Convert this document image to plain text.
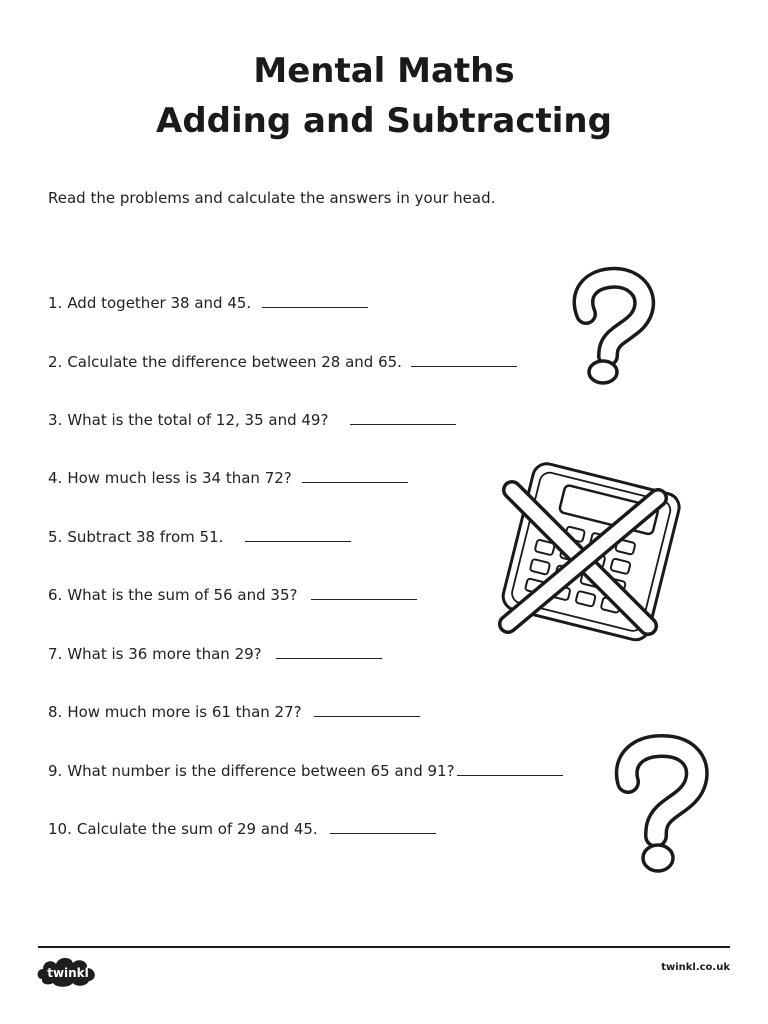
Mental Maths
Adding and Subtracting
Read the problems and calculate the answers in your head.
1. Add together 38 and 45.
2. Calculate the difference between 28 and 65.
3. What is the total of 12, 35 and 49?
4. How much less is 34 than 72?
5. Subtract 38 from 51.
6. What is the sum of 56 and 35?
7. What is 36 more than 29?
8. How much more is 61 than 27?
9. What number is the difference between 65 and 91?
10. Calculate the sum of 29 and 45.
twinkl	twinkl.co.uk
